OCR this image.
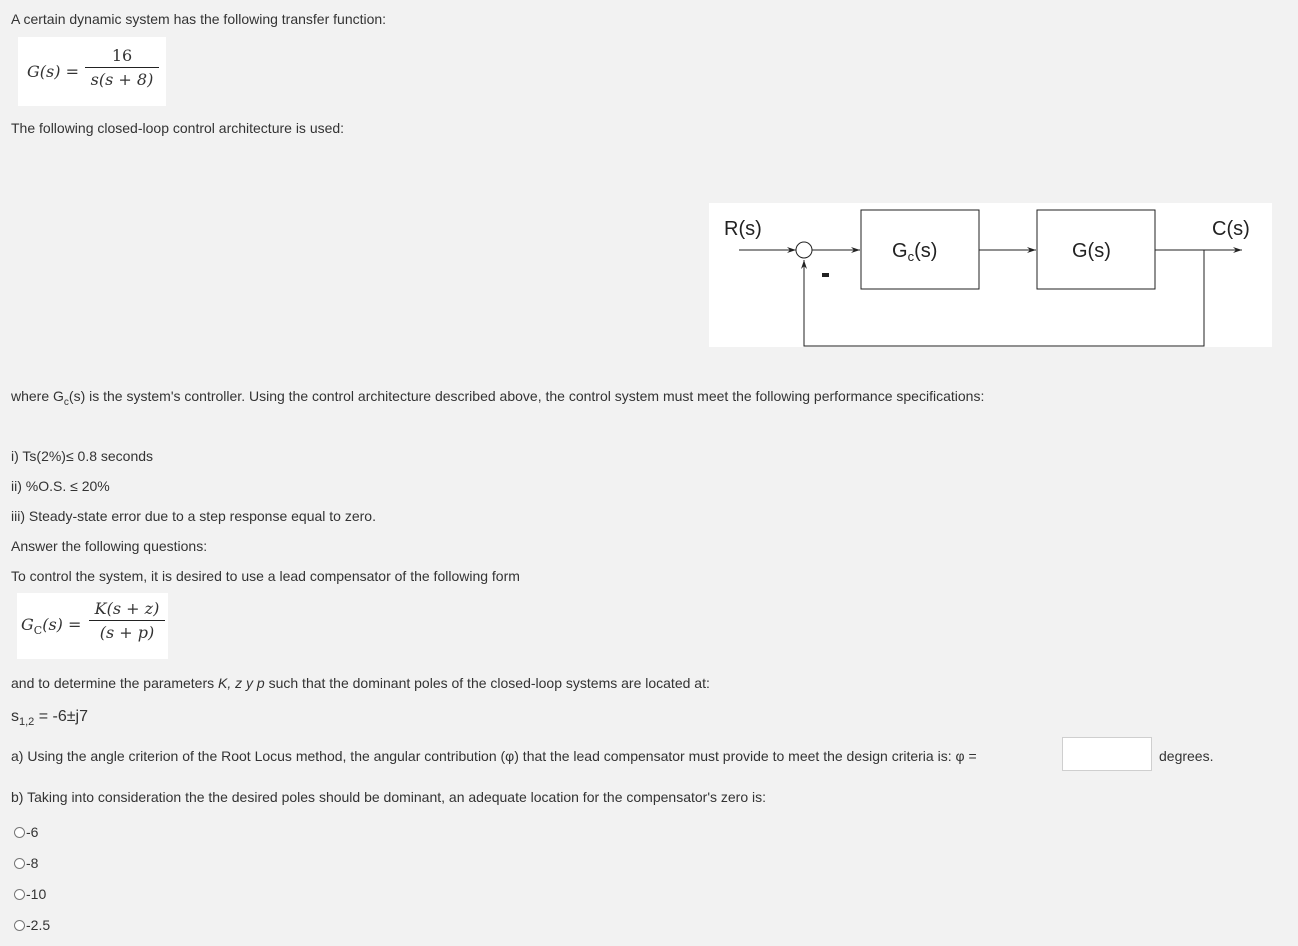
A certain dynamic system has the following transfer function:
G(s) =
16
s(s + 8)
The following closed-loop control architecture is used:
R(s)
$G_c(s)$	G(s)
C(s)
where $G_c(s)$ is the system's controller. Using the control architecture described above, the control system must meet the following performance specifications:
i) Ts(2%)≤ 0.8 seconds
ii) %O.S. ≤ 20%
iii) Steady-state error due to a step response equal to zero.
Answer the following questions:
To control the system, it is desired to use a lead compensator of the following form
$G_C(s)$ =
K(s + z)
(s + p)
and to determine the parameters K, z y p such that the dominant poles of the closed-loop systems are located at:
$s_{1,2} = -6\pm j7$
a) Using the angle criterion of the Root Locus method, the angular contribution (φ) that the lead compensator must provide to meet the design criteria is: φ =	degrees.
b) Taking into consideration the the desired poles should be dominant, an adequate location for the compensator's zero is:
-6
-8
-10
-2.5
